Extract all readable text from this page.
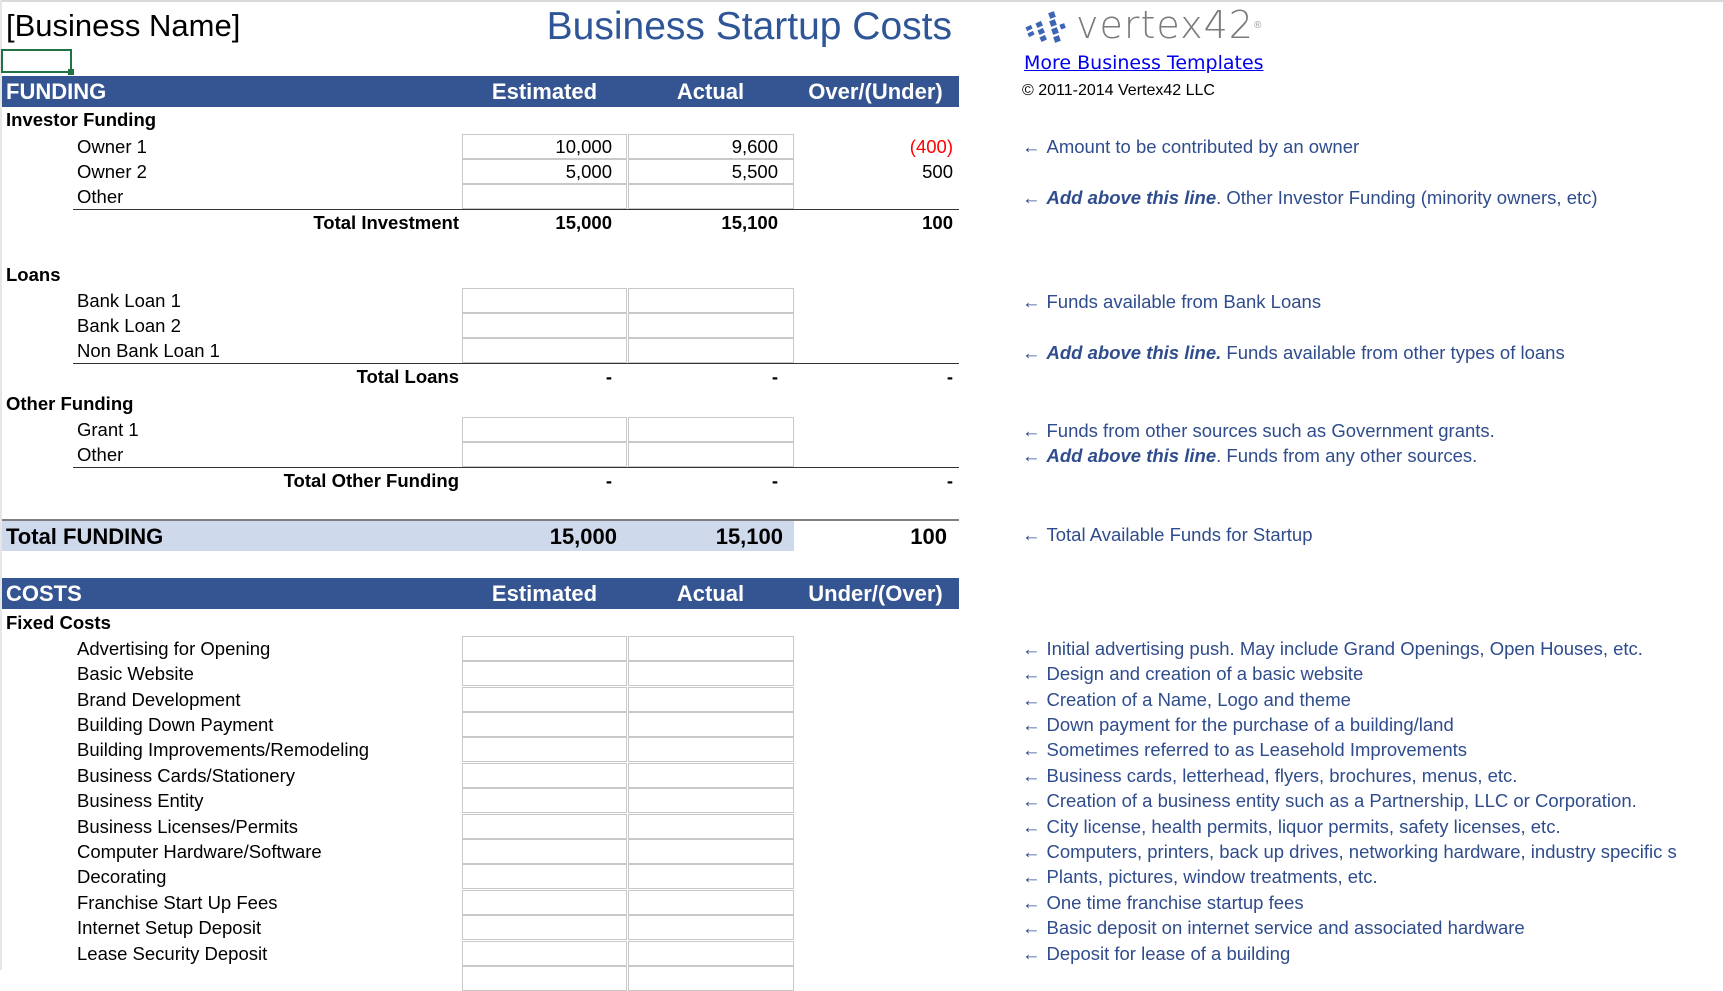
[Business Name]	Business Startup Costs	vertex42 ®
More Business Templates
© 2011-2014 Vertex42 LLC
FUNDING	Estimated	Actual	Over/(Under)
Investor Funding
Owner 1	10,000	9,600	(400)
Owner 2	5,000	5,500	500
Other
Total Investment	15,000	15,100	100
Loans
Bank Loan 1
Bank Loan 2
Non Bank Loan 1
Total Loans	-	-	-
Other Funding
Grant 1
Other
Total Other Funding	-	-	-
Total FUNDING	15,000	15,100	100
COSTS	Estimated	Actual	Under/(Over)
Fixed Costs
Advertising for Opening
Basic Website
Brand Development
Building Down Payment
Building Improvements/Remodeling
Business Cards/Stationery
Business Entity
Business Licenses/Permits
Computer Hardware/Software
Decorating
Franchise Start Up Fees
Internet Setup Deposit
Lease Security Deposit
← Amount to be contributed by an owner
← Add above this line. Other Investor Funding (minority owners, etc)
← Funds available from Bank Loans
← Add above this line. Funds available from other types of loans
← Funds from other sources such as Government grants.
← Add above this line. Funds from any other sources.
← Total Available Funds for Startup
← Initial advertising push. May include Grand Openings, Open Houses, etc.
← Design and creation of a basic website
← Creation of a Name, Logo and theme
← Down payment for the purchase of a building/land
← Sometimes referred to as Leasehold Improvements
← Business cards, letterhead, flyers, brochures, menus, etc.
← Creation of a business entity such as a Partnership, LLC or Corporation.
← City license, health permits, liquor permits, safety licenses, etc.
← Computers, printers, back up drives, networking hardware, industry specific s
← Plants, pictures, window treatments, etc.
← One time franchise startup fees
← Basic deposit on internet service and associated hardware
← Deposit for lease of a building
